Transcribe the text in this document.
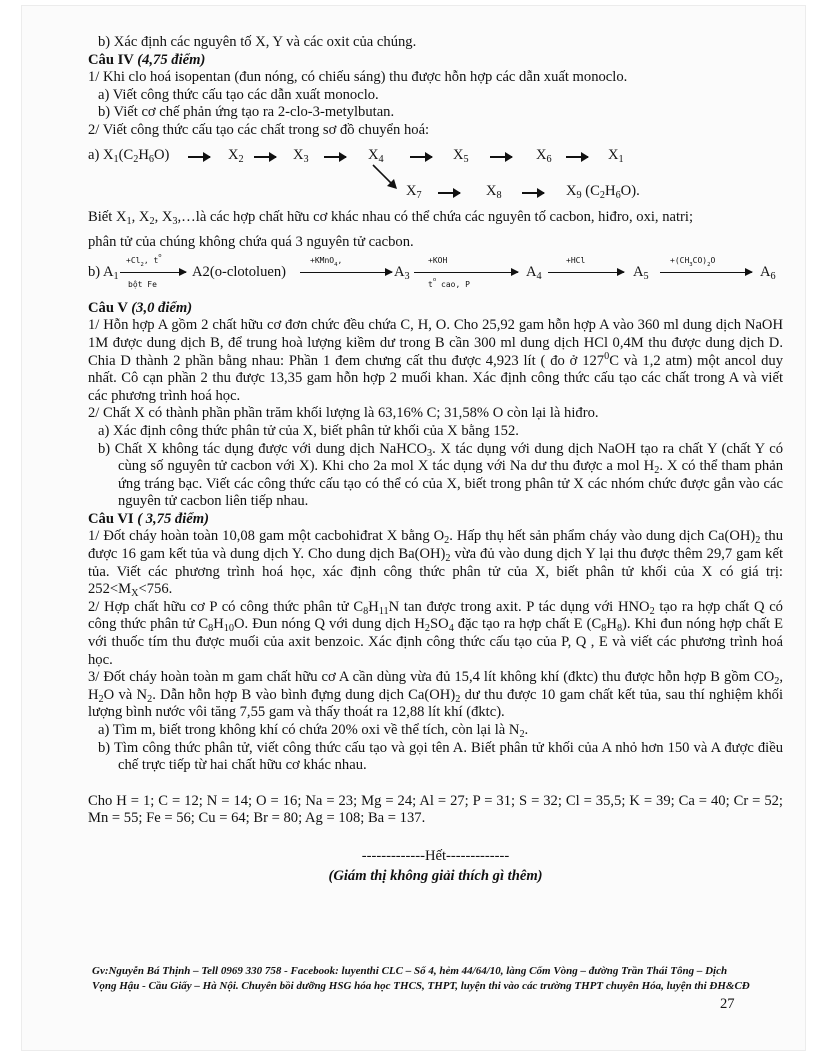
b) Xác định các nguyên tố X, Y và các oxit của chúng.

Câu IV (4,75 điểm)

1/ Khi clo hoá isopentan (đun nóng, có chiếu sáng) thu được hỗn hợp các dẫn xuất monoclo.

a) Viết công thức cấu tạo các dẫn xuất monoclo.

b) Viết cơ chế phản ứng tạo ra 2-clo-3-metylbutan.

2/ Viết công thức cấu tạo các chất trong sơ đồ chuyển hoá:

a) $X_1(C_2H_6O)$	$X_2$	$X_3$	$X_4$	$X_5$	$X_6$	$X_1$
$X_7$	$X_8$	$X_9$ $(C_2H_6O)$.

Biết $X_1$, $X_2$, $X_3,\dots là$ các hợp chất hữu cơ khác nhau có thể chứa các nguyên tố cacbon, hiđro, oxi, natri;

phân tử của chúng không chứa quá 3 nguyên tử cacbon.

b) $A_1$
$+Cl_2$, $t^o$
bột Fe
A2(o-clotoluen)
+KMnO$_4$,
$A_3$
+KOH
$t^o$ cao, P
$A_4$
+HCl
$A_5$
$+(CH_3CO)_2O$
$A_6$

Câu V (3,0 điểm)

1/ Hỗn hợp A gồm 2 chất hữu cơ đơn chức đều chứa C, H, O. Cho 25,92 gam hỗn hợp A vào 360 ml dung dịch NaOH 1M được dung dịch B, để trung hoà lượng kiềm dư trong B cần 300 ml dung dịch HCl 0,4M thu được dung dịch D. Chia D thành 2 phần bằng nhau: Phần 1 đem chưng cất thu được 4,923 lít ( đo ở $127^0C$ và 1,2 atm) một ancol duy nhất. Cô cạn phần 2 thu được 13,35 gam hỗn hợp 2 muối khan. Xác định công thức cấu tạo các chất trong A và viết các phương trình hoá học.

2/ Chất X có thành phần phần trăm khối lượng là 63,16% C; 31,58% O còn lại là hiđro.

a) Xác định công thức phân tử của X, biết phân tử khối của X bằng 152.

b) Chất X không tác dụng được với dung dịch NaHCO$_3$. X tác dụng với dung dịch NaOH tạo ra chất Y (chất Y có cùng số nguyên tử cacbon với X). Khi cho 2a mol X tác dụng với Na dư thu được a mol $H_2$. X có thể tham phản ứng tráng bạc. Viết các công thức cấu tạo có thể có của X, biết trong phân tử X các nhóm chức được gắn vào các nguyên tử cacbon liên tiếp nhau.

Câu VI ( 3,75 điểm)

1/ Đốt cháy hoàn toàn 10,08 gam một cacbohiđrat X bằng $O_2$. Hấp thụ hết sản phẩm cháy vào dung dịch $Ca(OH)_2$ thu được 16 gam kết tủa và dung dịch Y. Cho dung dịch $Ba(OH)_2$ vừa đủ vào dung dịch Y lại thu được thêm 29,7 gam kết tủa. Viết các phương trình hoá học, xác định công thức phân tử của X, biết phân tử khối của X có giá trị: $252<M_X<756$.

2/ Hợp chất hữu cơ P có công thức phân tử $C_8H_{11}N$ tan được trong axit. P tác dụng với $HNO_2$ tạo ra hợp chất Q có công thức phân tử $C_8H_{10}O$. Đun nóng Q với dung dịch $H_2SO_4$ đặc tạo ra hợp chất E $(C_8H_8)$. Khi đun nóng hợp chất E với thuốc tím thu được muối của axit benzoic. Xác định công thức cấu tạo của P, Q , E và viết các phương trình hoá học.

3/ Đốt cháy hoàn toàn m gam chất hữu cơ A cần dùng vừa đủ 15,4 lít không khí (đktc) thu được hỗn hợp B gồm $CO_2$, $H_2O$ và $N_2$. Dẫn hỗn hợp B vào bình đựng dung dịch $Ca(OH)_2$ dư thu được 10 gam chất kết tủa, sau thí nghiệm khối lượng bình nước vôi tăng 7,55 gam và thấy thoát ra 12,88 lít khí (đktc).

a) Tìm m, biết trong không khí có chứa 20% oxi về thể tích, còn lại là $N_2$.

b) Tìm công thức phân tử, viết công thức cấu tạo và gọi tên A. Biết phân tử khối của A nhỏ hơn 150 và A được điều chế trực tiếp từ hai chất hữu cơ khác nhau.

Cho H = 1; C = 12; N = 14; O = 16; Na = 23; Mg = 24; Al = 27; P = 31; S = 32; Cl = 35,5; K = 39; Ca = 40; Cr = 52; Mn = 55; Fe = 56; Cu = 64; Br = 80; Ag = 108; Ba = 137.

-------------Hết-------------

(Giám thị không giải thích gì thêm)

Gv:Nguyễn Bá Thịnh – Tell 0969 330 758 - Facebook: luyenthi CLC – Số 4, hẻm 44/64/10, làng Cốm Vòng – đường Trần Thái Tông – Dịch Vọng Hậu - Cầu Giấy – Hà Nội. Chuyên bồi dưỡng HSG hóa học THCS, THPT, luyện thi vào các trường THPT chuyên Hóa, luyện thi ĐH&CĐ
27
